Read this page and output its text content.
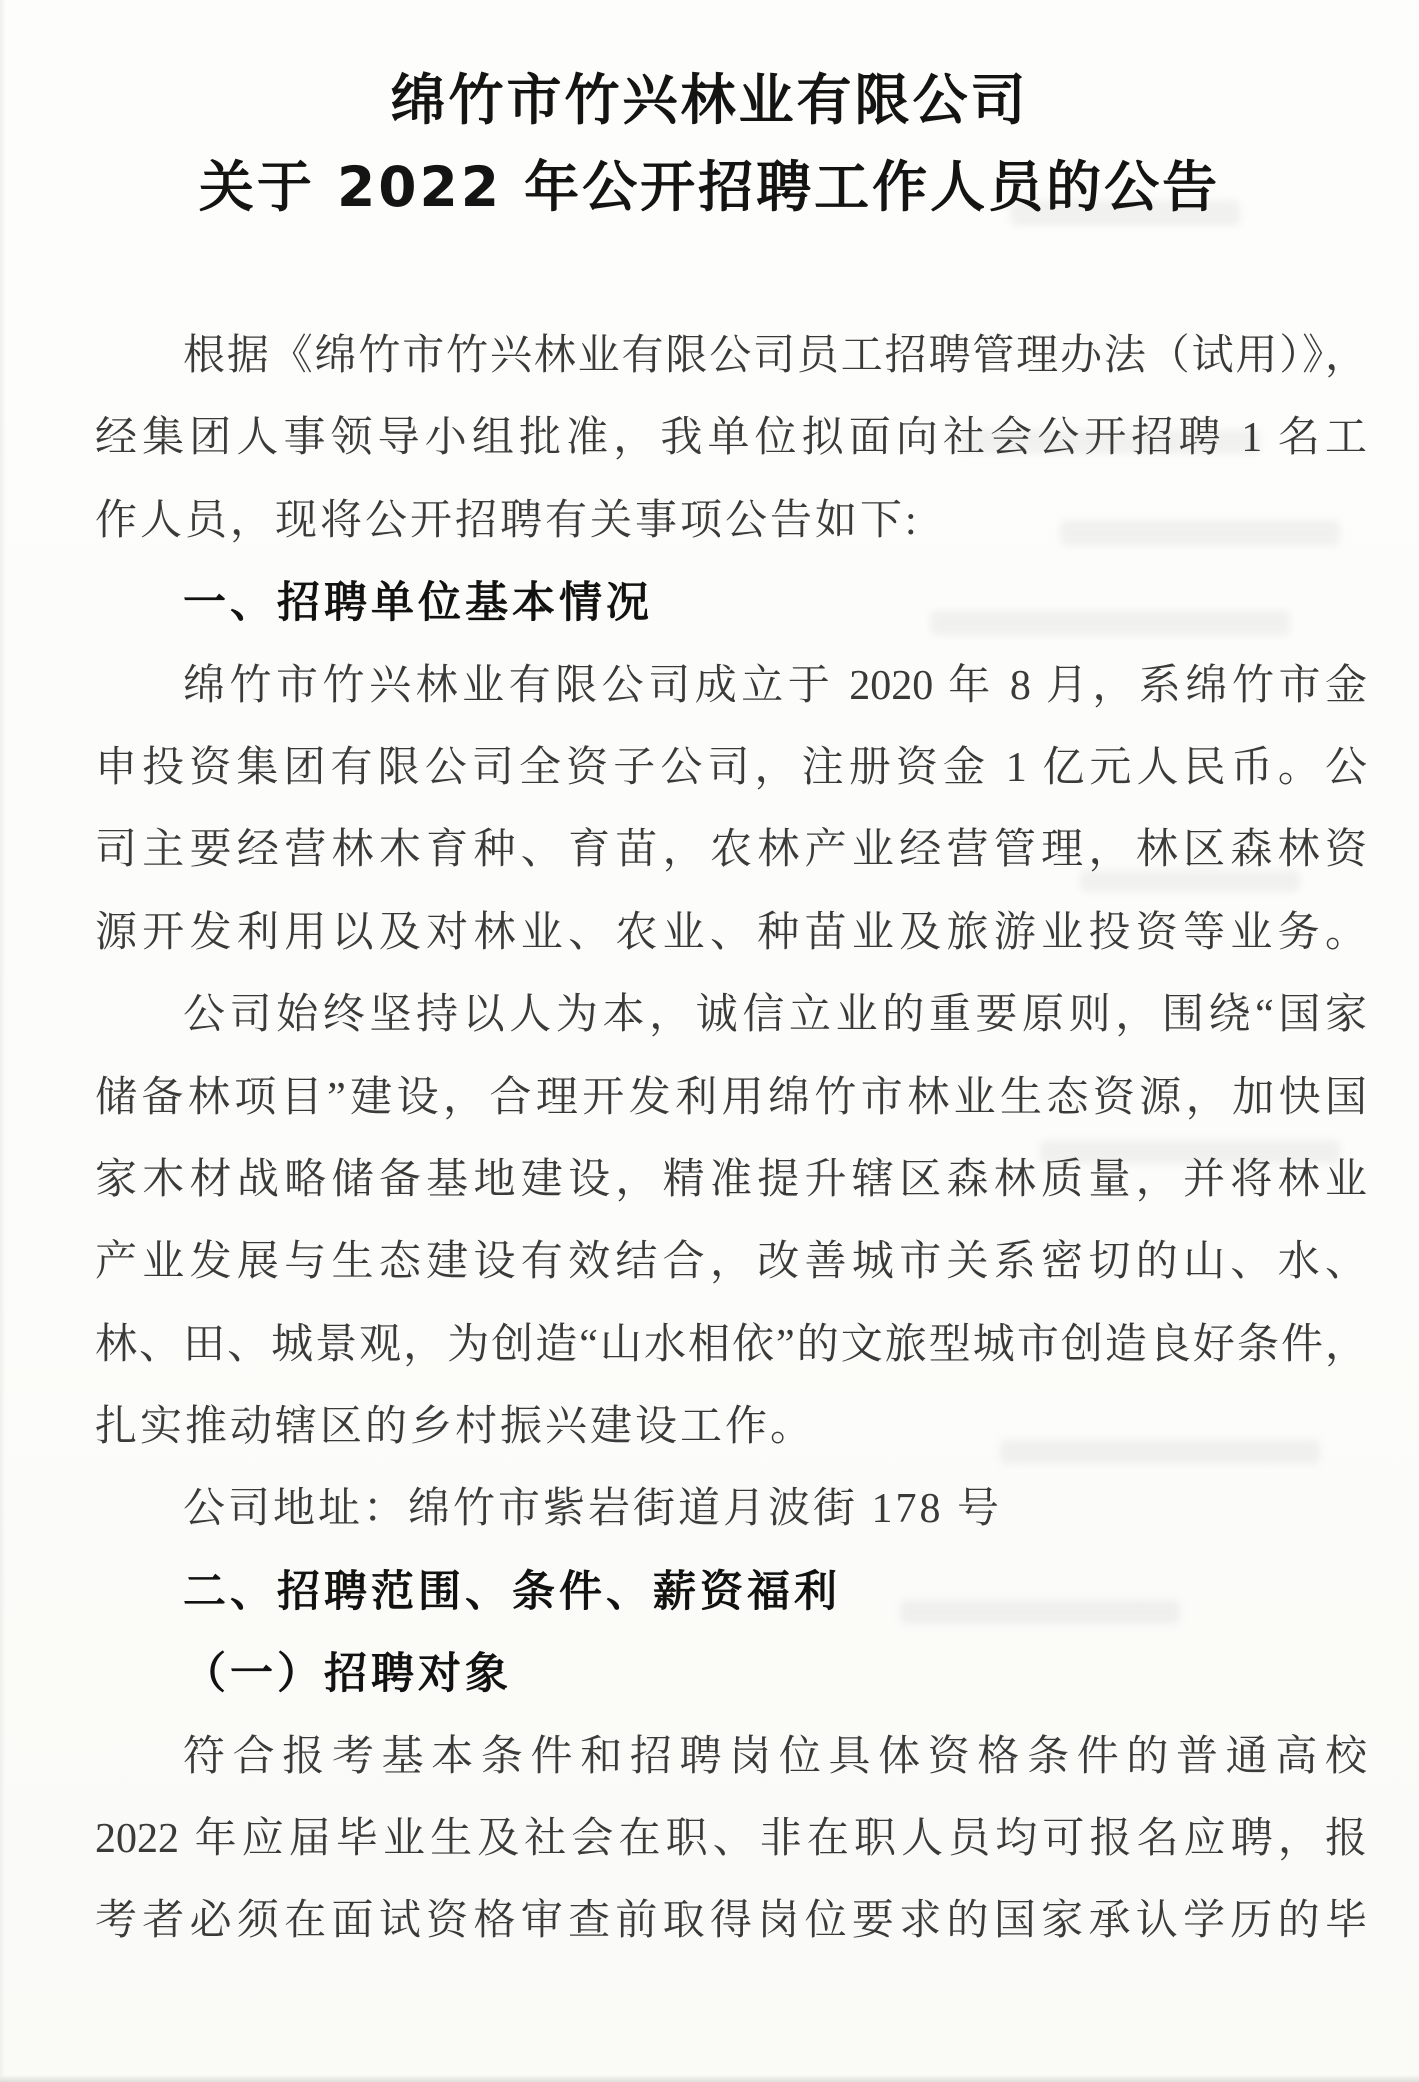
绵竹市竹兴林业有限公司
关于 2022 年公开招聘工作人员的公告
根据《绵竹市竹兴林业有限公司员工招聘管理办法（试用）》，
经集团人事领导小组批准，我单位拟面向社会公开招聘 1 名工
作人员，现将公开招聘有关事项公告如下:
一、招聘单位基本情况
绵竹市竹兴林业有限公司成立于 2020 年 8 月，系绵竹市金
申投资集团有限公司全资子公司，注册资金 1 亿元人民币。公
司主要经营林木育种、育苗，农林产业经营管理，林区森林资
源开发利用以及对林业、农业、种苗业及旅游业投资等业务。
公司始终坚持以人为本，诚信立业的重要原则，围绕“国家
储备林项目”建设，合理开发利用绵竹市林业生态资源，加快国
家木材战略储备基地建设，精准提升辖区森林质量，并将林业
产业发展与生态建设有效结合，改善城市关系密切的山、水、
林、田、城景观，为创造“山水相依”的文旅型城市创造良好条件，
扎实推动辖区的乡村振兴建设工作。
公司地址：绵竹市紫岩街道月波街 178 号
二、招聘范围、条件、薪资福利
（一）招聘对象
符合报考基本条件和招聘岗位具体资格条件的普通高校
2022 年应届毕业生及社会在职、非在职人员均可报名应聘，报
考者必须在面试资格审查前取得岗位要求的国家承认学历的毕
